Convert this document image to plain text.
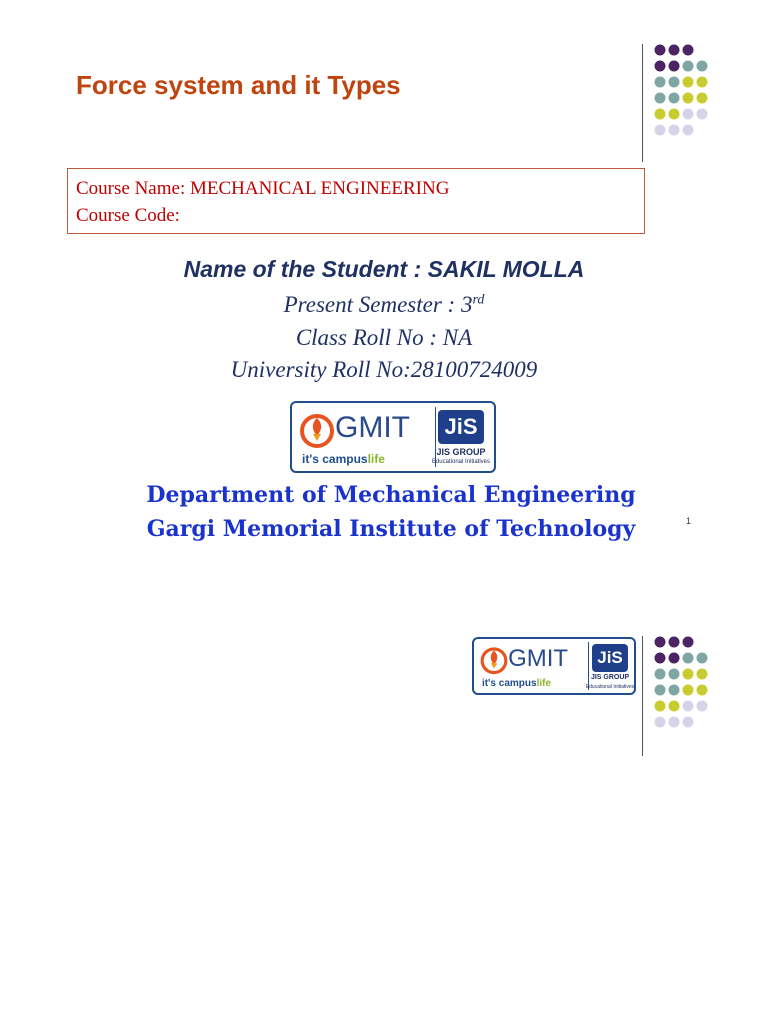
Force system and it Types
Course Name: MECHANICAL ENGINEERING
Course Code:
Name of the Student : SAKIL MOLLA
Present Semester : 3rd
Class Roll No : NA
University Roll No:28100724009
GMIT
it's campuslife
JiS
JIS GROUP
Educational Initiatives
Department of Mechanical Engineering
Gargi Memorial Institute of Technology	1
GMIT
it's campuslife
JiS
JIS GROUP
Educational Initiatives
